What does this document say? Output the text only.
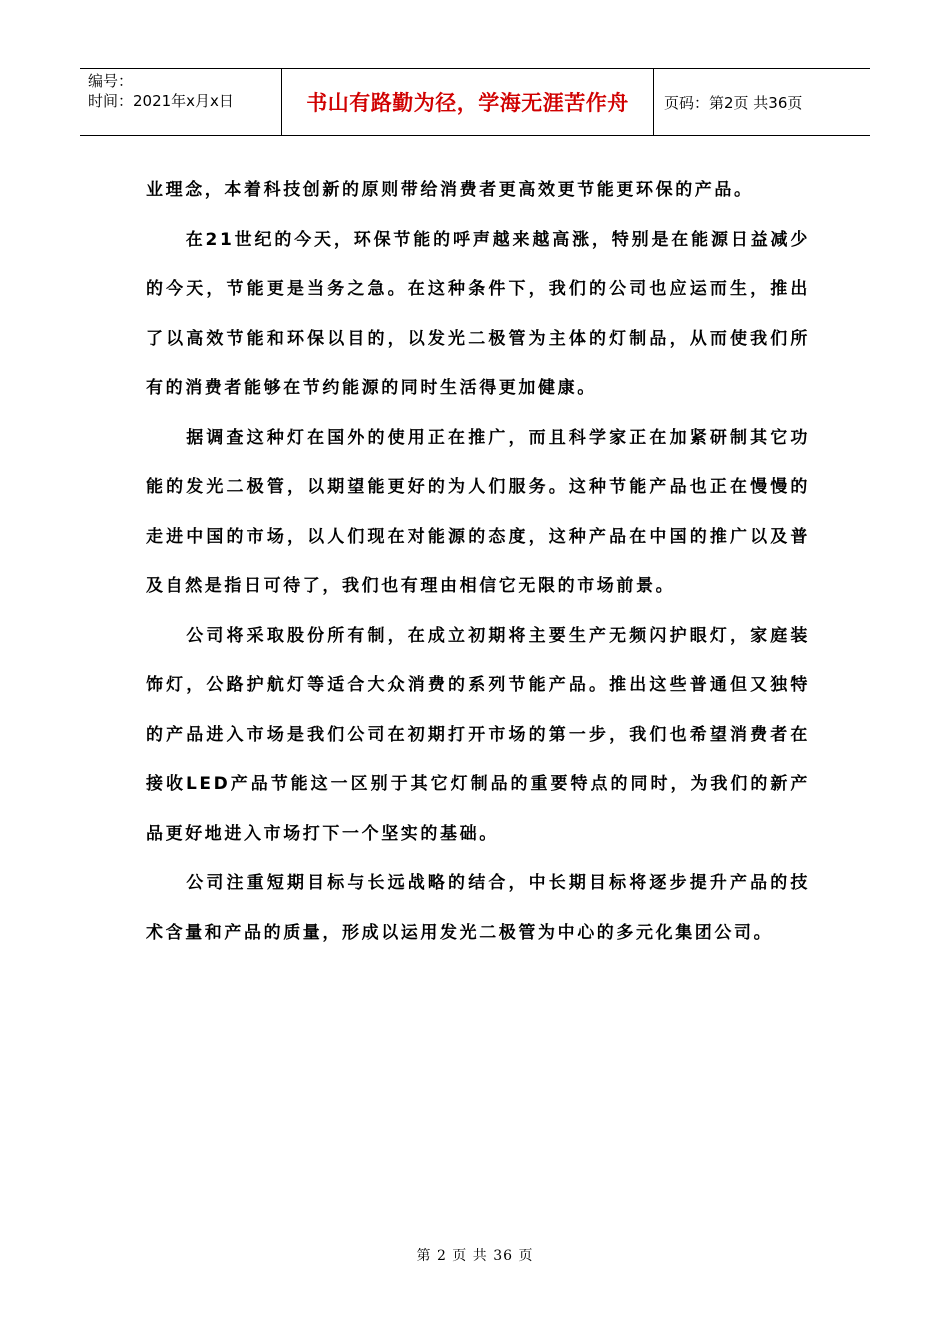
编号：
时间：2021年x月x日	书山有路勤为径，学海无涯苦作舟	页码：第2页 共36页

业理念，本着科技创新的原则带给消费者更高效更节能更环保的产品。

　　在21世纪的今天，环保节能的呼声越来越高涨，特别是在能源日益减少的今天，节能更是当务之急。在这种条件下，我们的公司也应运而生，推出了以高效节能和环保以目的，以发光二极管为主体的灯制品，从而使我们所有的消费者能够在节约能源的同时生活得更加健康。

　　据调查这种灯在国外的使用正在推广，而且科学家正在加紧研制其它功能的发光二极管，以期望能更好的为人们服务。这种节能产品也正在慢慢的走进中国的市场，以人们现在对能源的态度，这种产品在中国的推广以及普及自然是指日可待了，我们也有理由相信它无限的市场前景。

　　公司将采取股份所有制，在成立初期将主要生产无频闪护眼灯，家庭装饰灯，公路护航灯等适合大众消费的系列节能产品。推出这些普通但又独特的产品进入市场是我们公司在初期打开市场的第一步，我们也希望消费者在接收LED产品节能这一区别于其它灯制品的重要特点的同时，为我们的新产品更好地进入市场打下一个坚实的基础。

　　公司注重短期目标与长远战略的结合，中长期目标将逐步提升产品的技术含量和产品的质量，形成以运用发光二极管为中心的多元化集团公司。

第 2 页 共 36 页
